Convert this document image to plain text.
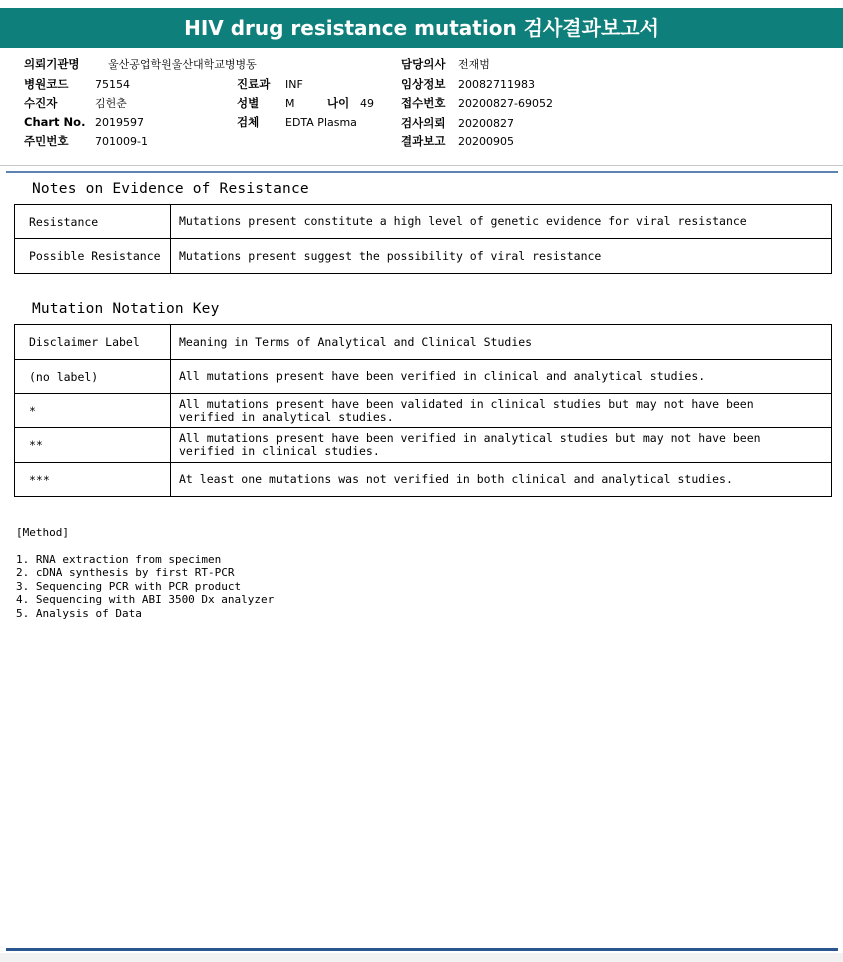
HIV drug resistance mutation 검사결과보고서
의뢰기관명	울산공업학원울산대학교병병동
병원코드 75154
수진자	김헌춘
Chart No. 2019597
주민번호 701009-1
진료과 INF
성별 M	나이 49
검체 EDTA Plasma
담당의사 전재범
임상정보 20082711983
접수번호 20200827-69052
검사의뢰 20200827
결과보고 20200905
Notes on Evidence of Resistance
Resistance	Mutations present constitute a high level of genetic evidence for viral resistance
Possible Resistance	Mutations present suggest the possibility of viral resistance
Mutation Notation Key
Disclaimer Label	Meaning in Terms of Analytical and Clinical Studies
(no label)	All mutations present have been verified in clinical and analytical studies.
*	All mutations present have been validated in clinical studies but may not have been verified in analytical studies.
**	All mutations present have been verified in analytical studies but may not have been verified in clinical studies.
***	At least one mutations was not verified in both clinical and analytical studies.
[Method]
1. RNA extraction from specimen
2. cDNA synthesis by first RT-PCR
3. Sequencing PCR with PCR product
4. Sequencing with ABI 3500 Dx analyzer
5. Analysis of Data
